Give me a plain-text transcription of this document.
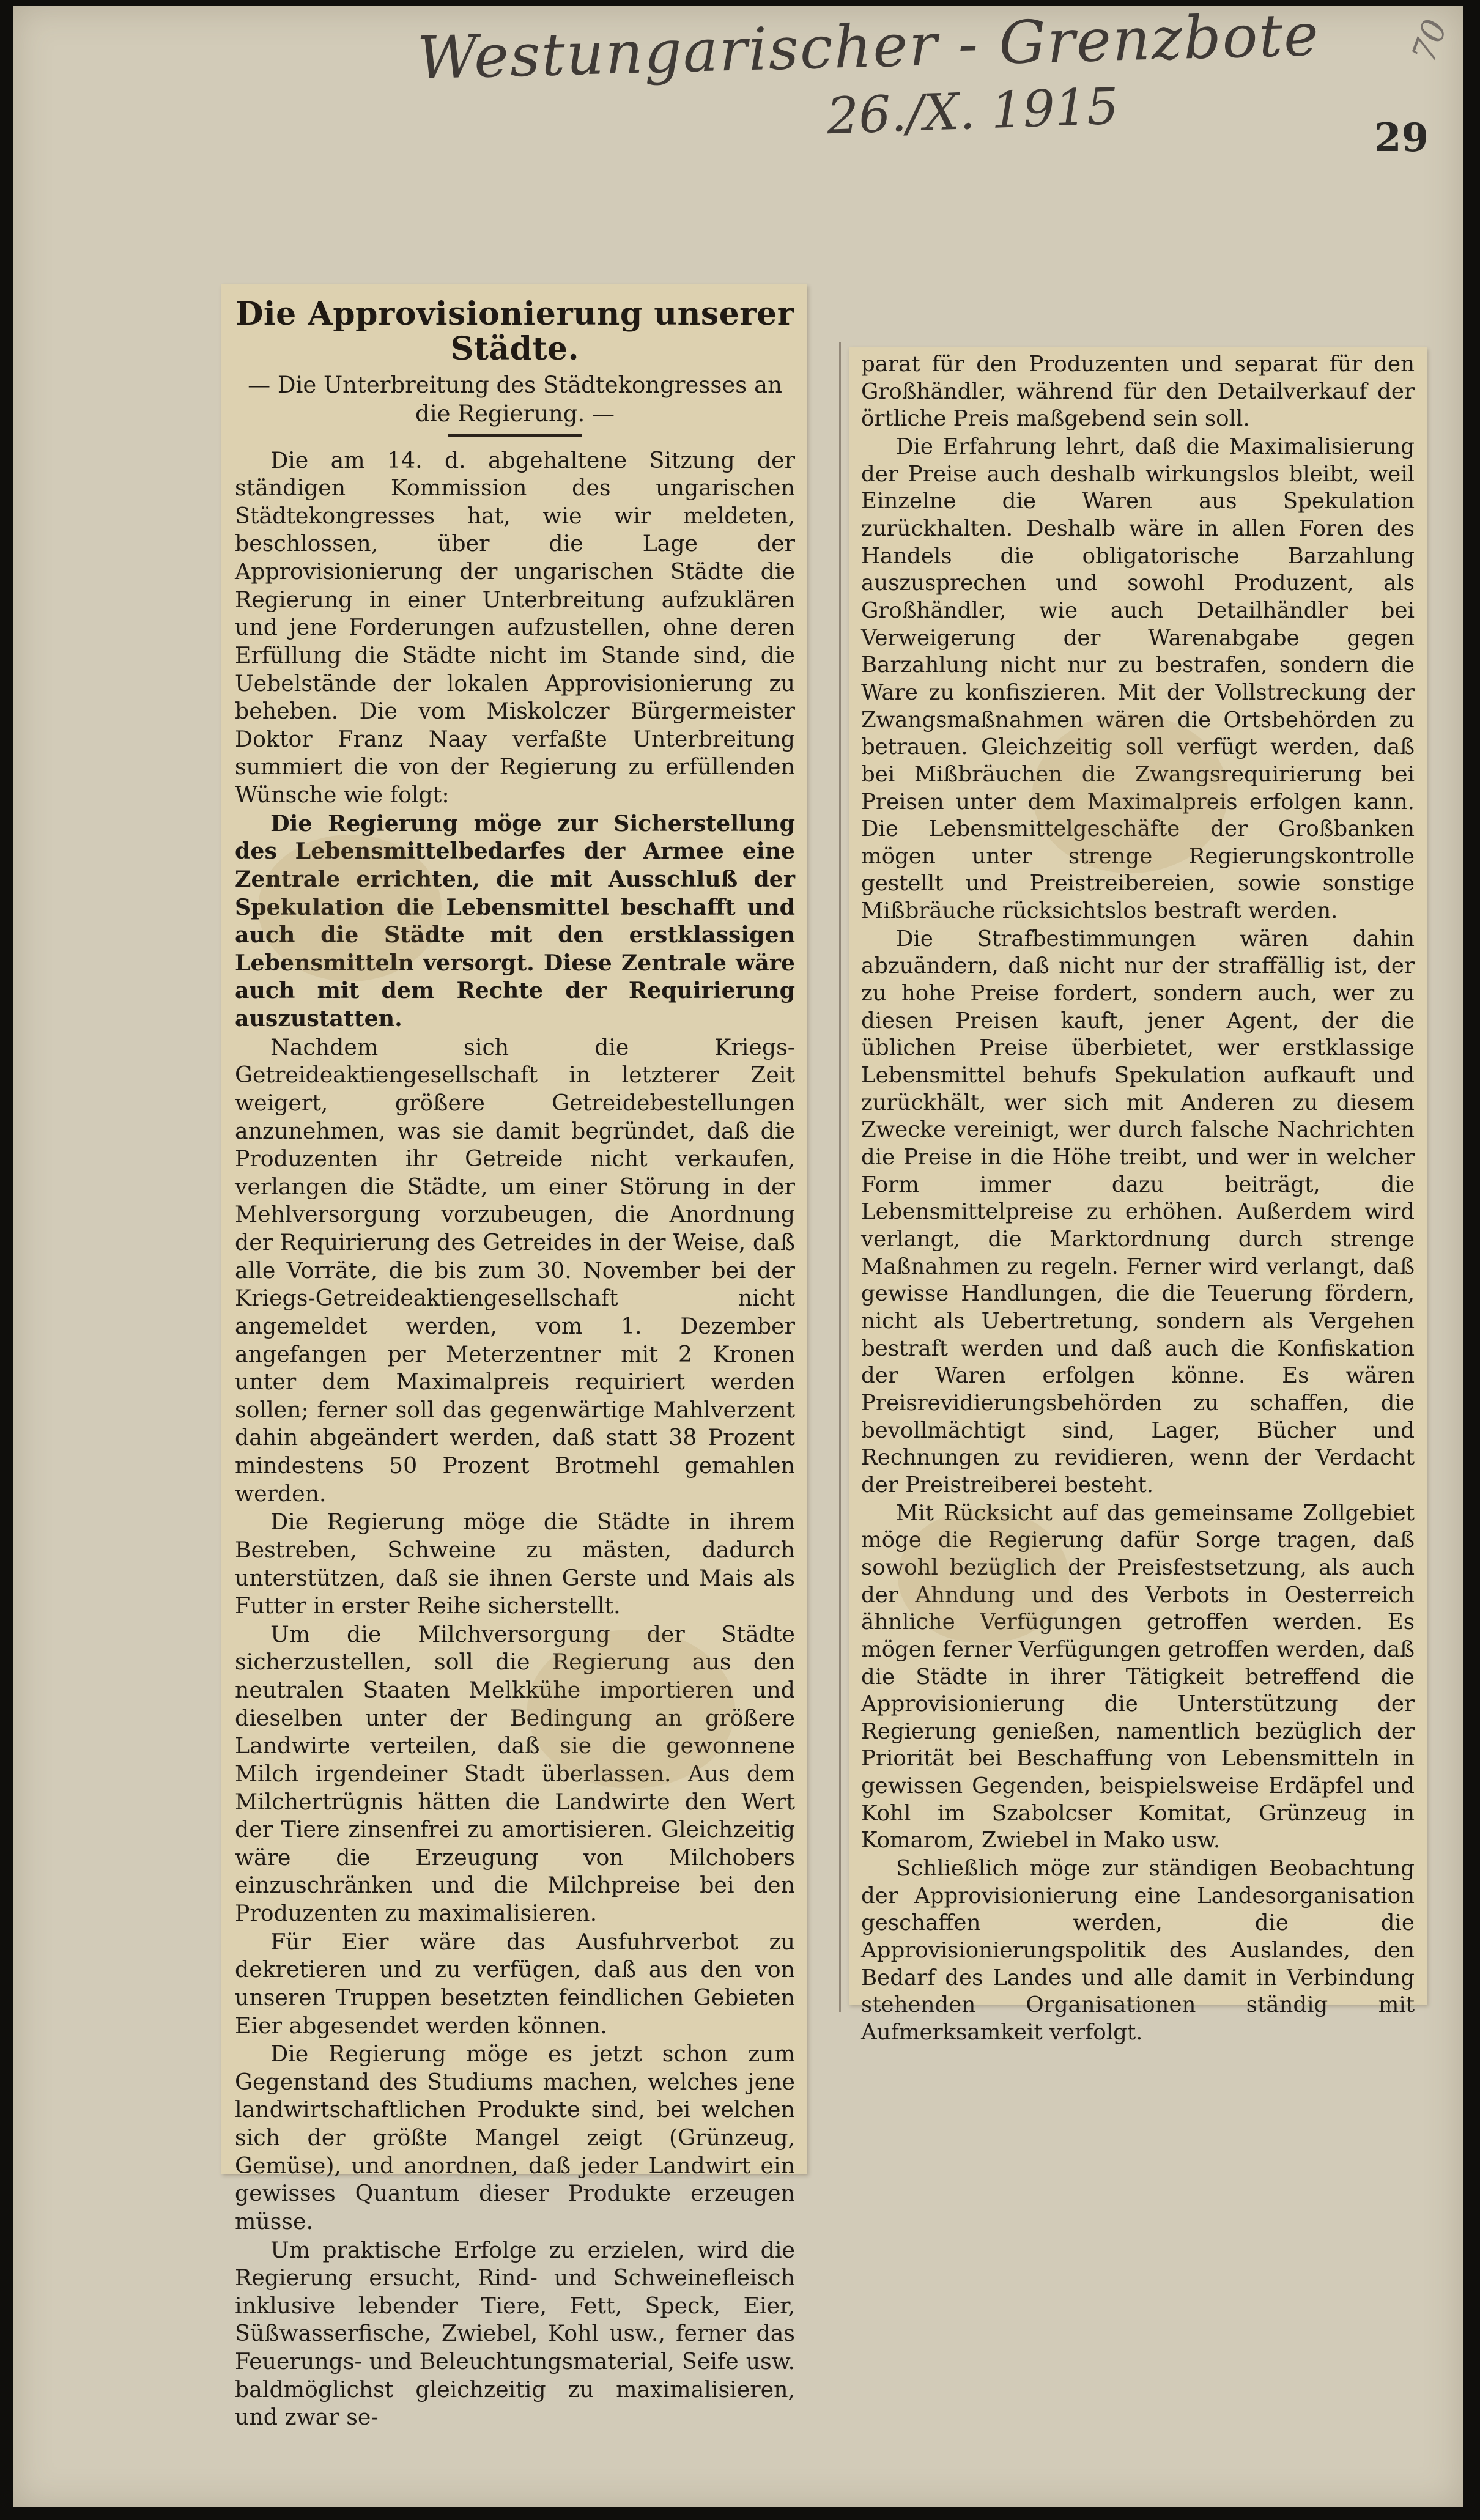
Westungarischer - Grenzbote
26./X. 1915
70
29
Die Approvisionierung unserer Städte.
— Die Unterbreitung des Städtekongresses an die Regierung. —

Die am 14. d. abgehaltene Sitzung der ständigen Kommission des ungarischen Städtekongresses hat, wie wir meldeten, beschlossen, über die Lage der Approvisionierung der ungarischen Städte die Regierung in einer Unterbreitung aufzuklären und jene Forderungen aufzustellen, ohne deren Erfüllung die Städte nicht im Stande sind, die Uebelstände der lokalen Approvisionierung zu beheben. Die vom Miskolczer Bürgermeister Doktor Franz Naay verfaßte Unterbreitung summiert die von der Regierung zu erfüllenden Wünsche wie folgt:

Die Regierung möge zur Sicherstellung des Lebensmittelbedarfes der Armee eine Zentrale errichten, die mit Ausschluß der Spekulation die Lebensmittel beschafft und auch die Städte mit den erstklassigen Lebensmitteln versorgt. Diese Zentrale wäre auch mit dem Rechte der Requirierung auszustatten.

Nachdem sich die Kriegs-Getreideaktiengesellschaft in letzterer Zeit weigert, größere Getreidebestellungen anzunehmen, was sie damit begründet, daß die Produzenten ihr Getreide nicht verkaufen, verlangen die Städte, um einer Störung in der Mehlversorgung vorzubeugen, die Anordnung der Requirierung des Getreides in der Weise, daß alle Vorräte, die bis zum 30. November bei der Kriegs-Getreideaktiengesellschaft nicht angemeldet werden, vom 1. Dezember angefangen per Meterzentner mit 2 Kronen unter dem Maximalpreis requiriert werden sollen; ferner soll das gegenwärtige Mahlverzent dahin abgeändert werden, daß statt 38 Prozent mindestens 50 Prozent Brotmehl gemahlen werden.

Die Regierung möge die Städte in ihrem Bestreben, Schweine zu mästen, dadurch unterstützen, daß sie ihnen Gerste und Mais als Futter in erster Reihe sicherstellt.

Um die Milchversorgung der Städte sicherzustellen, soll die Regierung aus den neutralen Staaten Melkkühe importieren und dieselben unter der Bedingung an größere Landwirte verteilen, daß sie die gewonnene Milch irgendeiner Stadt überlassen. Aus dem Milchertrügnis hätten die Landwirte den Wert der Tiere zinsenfrei zu amortisieren. Gleichzeitig wäre die Erzeugung von Milchobers einzuschränken und die Milchpreise bei den Produzenten zu maximalisieren.

Für Eier wäre das Ausfuhrverbot zu dekretieren und zu verfügen, daß aus den von unseren Truppen besetzten feindlichen Gebieten Eier abgesendet werden können.

Die Regierung möge es jetzt schon zum Gegenstand des Studiums machen, welches jene landwirtschaftlichen Produkte sind, bei welchen sich der größte Mangel zeigt (Grünzeug, Gemüse), und anordnen, daß jeder Landwirt ein gewisses Quantum dieser Produkte erzeugen müsse.

Um praktische Erfolge zu erzielen, wird die Regierung ersucht, Rind- und Schweinefleisch inklusive lebender Tiere, Fett, Speck, Eier, Süßwasserfische, Zwiebel, Kohl usw., ferner das Feuerungs- und Beleuchtungsmaterial, Seife usw. baldmöglichst gleichzeitig zu maximalisieren, und zwar se-

parat für den Produzenten und separat für den Großhändler, während für den Detailverkauf der örtliche Preis maßgebend sein soll.

Die Erfahrung lehrt, daß die Maximalisierung der Preise auch deshalb wirkungslos bleibt, weil Einzelne die Waren aus Spekulation zurückhalten. Deshalb wäre in allen Foren des Handels die obligatorische Barzahlung auszusprechen und sowohl Produzent, als Großhändler, wie auch Detailhändler bei Verweigerung der Warenabgabe gegen Barzahlung nicht nur zu bestrafen, sondern die Ware zu konfiszieren. Mit der Vollstreckung der Zwangsmaßnahmen wären die Ortsbehörden zu betrauen. Gleichzeitig soll verfügt werden, daß bei Mißbräuchen die Zwangsrequirierung bei Preisen unter dem Maximalpreis erfolgen kann. Die Lebensmittelgeschäfte der Großbanken mögen unter strenge Regierungskontrolle gestellt und Preistreibereien, sowie sonstige Mißbräuche rücksichtslos bestraft werden.

Die Strafbestimmungen wären dahin abzuändern, daß nicht nur der straffällig ist, der zu hohe Preise fordert, sondern auch, wer zu diesen Preisen kauft, jener Agent, der die üblichen Preise überbietet, wer erstklassige Lebensmittel behufs Spekulation aufkauft und zurückhält, wer sich mit Anderen zu diesem Zwecke vereinigt, wer durch falsche Nachrichten die Preise in die Höhe treibt, und wer in welcher Form immer dazu beiträgt, die Lebensmittelpreise zu erhöhen. Außerdem wird verlangt, die Marktordnung durch strenge Maßnahmen zu regeln. Ferner wird verlangt, daß gewisse Handlungen, die die Teuerung fördern, nicht als Uebertretung, sondern als Vergehen bestraft werden und daß auch die Konfiskation der Waren erfolgen könne. Es wären Preisrevidierungsbehörden zu schaffen, die bevollmächtigt sind, Lager, Bücher und Rechnungen zu revidieren, wenn der Verdacht der Preistreiberei besteht.

Mit Rücksicht auf das gemeinsame Zollgebiet möge die Regierung dafür Sorge tragen, daß sowohl bezüglich der Preisfestsetzung, als auch der Ahndung und des Verbots in Oesterreich ähnliche Verfügungen getroffen werden. Es mögen ferner Verfügungen getroffen werden, daß die Städte in ihrer Tätigkeit betreffend die Approvisionierung die Unterstützung der Regierung genießen, namentlich bezüglich der Priorität bei Beschaffung von Lebensmitteln in gewissen Gegenden, beispielsweise Erdäpfel und Kohl im Szabolcser Komitat, Grünzeug in Komarom, Zwiebel in Mako usw.

Schließlich möge zur ständigen Beobachtung der Approvisionierung eine Landesorganisation geschaffen werden, die die Approvisionierungspolitik des Auslandes, den Bedarf des Landes und alle damit in Verbindung stehenden Organisationen ständig mit Aufmerksamkeit verfolgt.
